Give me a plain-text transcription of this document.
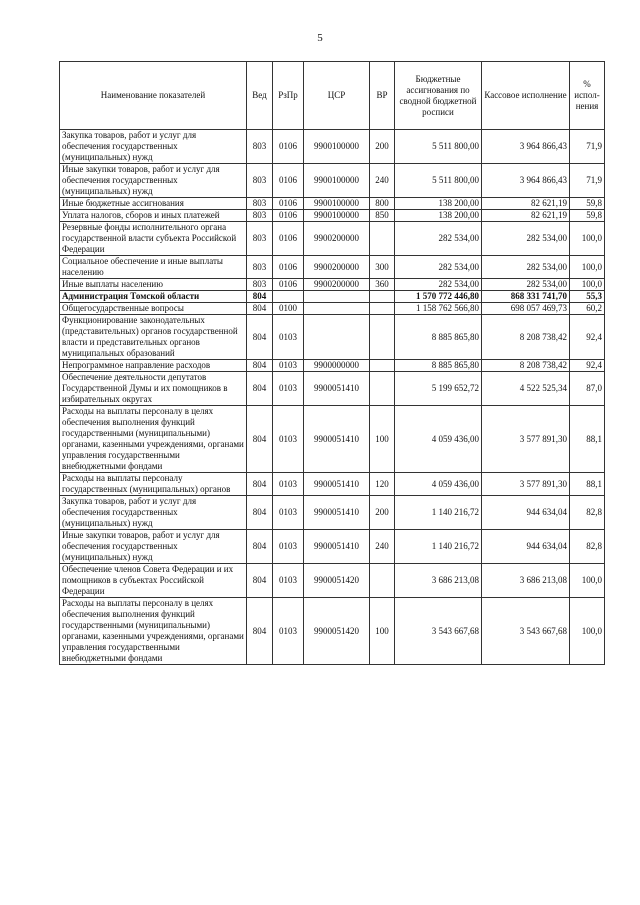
5
Наименование показателей	Вед	РзПр	ЦСР	ВР	Бюджетные ассигнования по сводной бюджетной росписи	Кассовое исполнение	% испол-нения
Закупка товаров, работ и услуг для обеспечения государственных (муниципальных) нужд	803	0106	9900100000	200	5 511 800,00	3 964 866,43	71,9
Иные закупки товаров, работ и услуг для обеспечения государственных (муниципальных) нужд	803	0106	9900100000	240	5 511 800,00	3 964 866,43	71,9
Иные бюджетные ассигнования	803	0106	9900100000	800	138 200,00	82 621,19	59,8
Уплата налогов, сборов и иных платежей	803	0106	9900100000	850	138 200,00	82 621,19	59,8
Резервные фонды исполнительного органа государственной власти субъекта Российской Федерации	803	0106	9900200000		282 534,00	282 534,00	100,0
Социальное обеспечение и иные выплаты населению	803	0106	9900200000	300	282 534,00	282 534,00	100,0
Иные выплаты населению	803	0106	9900200000	360	282 534,00	282 534,00	100,0
Администрация Томской области	804				1 570 772 446,80	868 331 741,70	55,3
Общегосударственные вопросы	804	0100			1 158 762 566,80	698 057 469,73	60,2
Функционирование законодательных (представительных) органов государственной власти и представительных органов муниципальных образований	804	0103			8 885 865,80	8 208 738,42	92,4
Непрограммное направление расходов	804	0103	9900000000		8 885 865,80	8 208 738,42	92,4
Обеспечение деятельности депутатов Государственной Думы и их помощников в избирательных округах	804	0103	9900051410		5 199 652,72	4 522 525,34	87,0
Расходы на выплаты персоналу в целях обеспечения выполнения функций государственными (муниципальными) органами, казенными учреждениями, органами управления государственными внебюджетными фондами	804	0103	9900051410	100	4 059 436,00	3 577 891,30	88,1
Расходы на выплаты персоналу государственных (муниципальных) органов	804	0103	9900051410	120	4 059 436,00	3 577 891,30	88,1
Закупка товаров, работ и услуг для обеспечения государственных (муниципальных) нужд	804	0103	9900051410	200	1 140 216,72	944 634,04	82,8
Иные закупки товаров, работ и услуг для обеспечения государственных (муниципальных) нужд	804	0103	9900051410	240	1 140 216,72	944 634,04	82,8
Обеспечение членов Совета Федерации и их помощников в субъектах Российской Федерации	804	0103	9900051420		3 686 213,08	3 686 213,08	100,0
Расходы на выплаты персоналу в целях обеспечения выполнения функций государственными (муниципальными) органами, казенными учреждениями, органами управления государственными внебюджетными фондами	804	0103	9900051420	100	3 543 667,68	3 543 667,68	100,0
